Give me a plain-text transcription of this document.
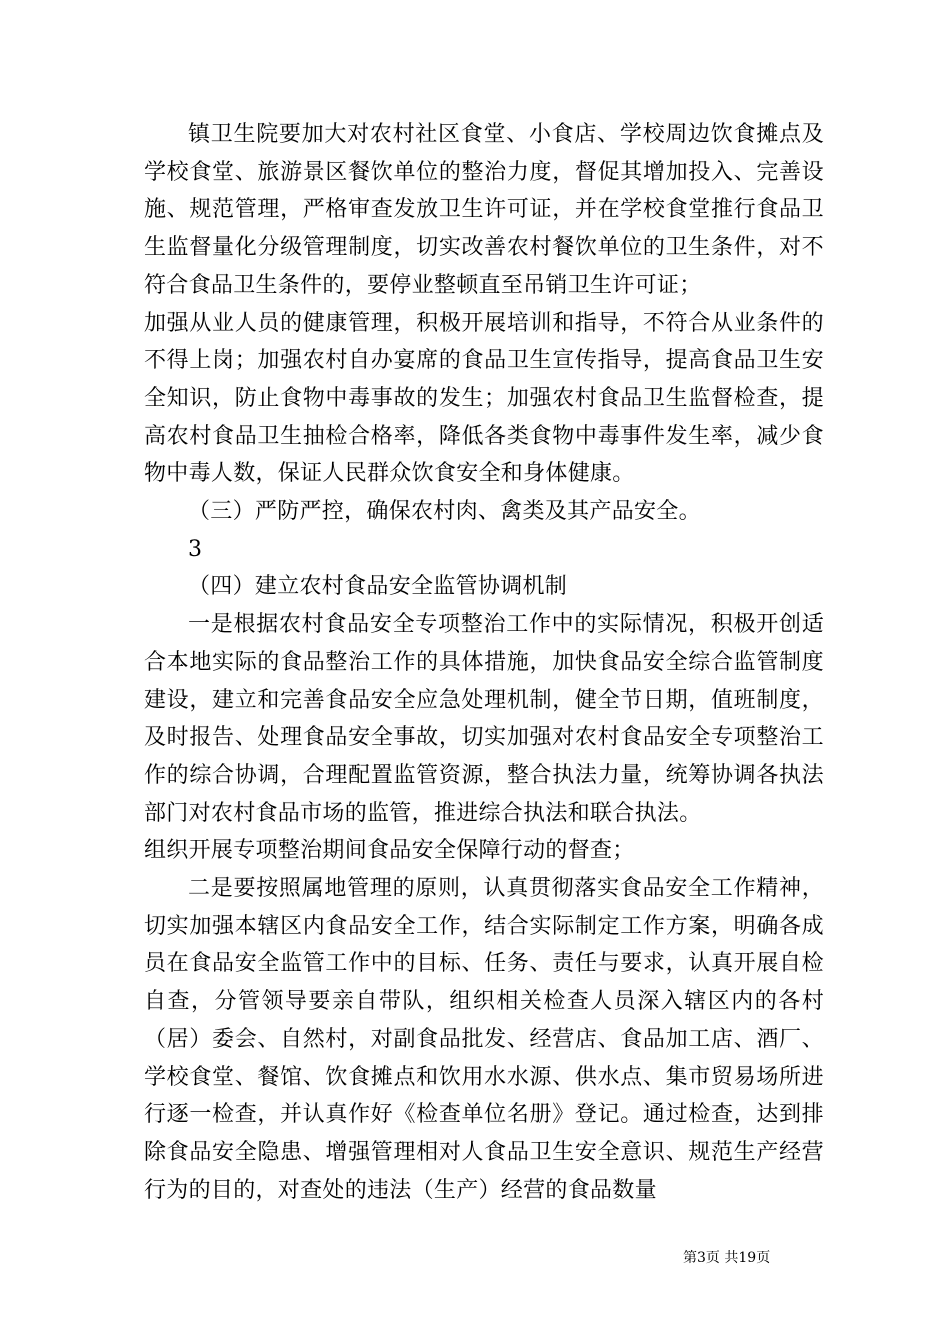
镇卫生院要加大对农村社区食堂、小食店、学校周边饮食摊点及学校食堂、旅游景区餐饮单位的整治力度，督促其增加投入、完善设施、规范管理，严格审查发放卫生许可证，并在学校食堂推行食品卫生监督量化分级管理制度，切实改善农村餐饮单位的卫生条件，对不符合食品卫生条件的，要停业整顿直至吊销卫生许可证；

加强从业人员的健康管理，积极开展培训和指导，不符合从业条件的不得上岗；加强农村自办宴席的食品卫生宣传指导，提高食品卫生安全知识，防止食物中毒事故的发生；加强农村食品卫生监督检查，提高农村食品卫生抽检合格率，降低各类食物中毒事件发生率，减少食物中毒人数，保证人民群众饮食安全和身体健康。

（三）严防严控，确保农村肉、禽类及其产品安全。

3

（四）建立农村食品安全监管协调机制

一是根据农村食品安全专项整治工作中的实际情况，积极开创适合本地实际的食品整治工作的具体措施，加快食品安全综合监管制度建设，建立和完善食品安全应急处理机制，健全节日期，值班制度，及时报告、处理食品安全事故，切实加强对农村食品安全专项整治工作的综合协调，合理配置监管资源，整合执法力量，统筹协调各执法部门对农村食品市场的监管，推进综合执法和联合执法。

组织开展专项整治期间食品安全保障行动的督查；

二是要按照属地管理的原则，认真贯彻落实食品安全工作精神，切实加强本辖区内食品安全工作，结合实际制定工作方案，明确各成员在食品安全监管工作中的目标、任务、责任与要求，认真开展自检自查，分管领导要亲自带队，组织相关检查人员深入辖区内的各村（居）委会、自然村，对副食品批发、经营店、食品加工店、酒厂、学校食堂、餐馆、饮食摊点和饮用水水源、供水点、集市贸易场所进行逐一检查，并认真作好《检查单位名册》登记。通过检查，达到排除食品安全隐患、增强管理相对人食品卫生安全意识、规范生产经营行为的目的，对查处的违法（生产）经营的食品数量

第3页 共19页
